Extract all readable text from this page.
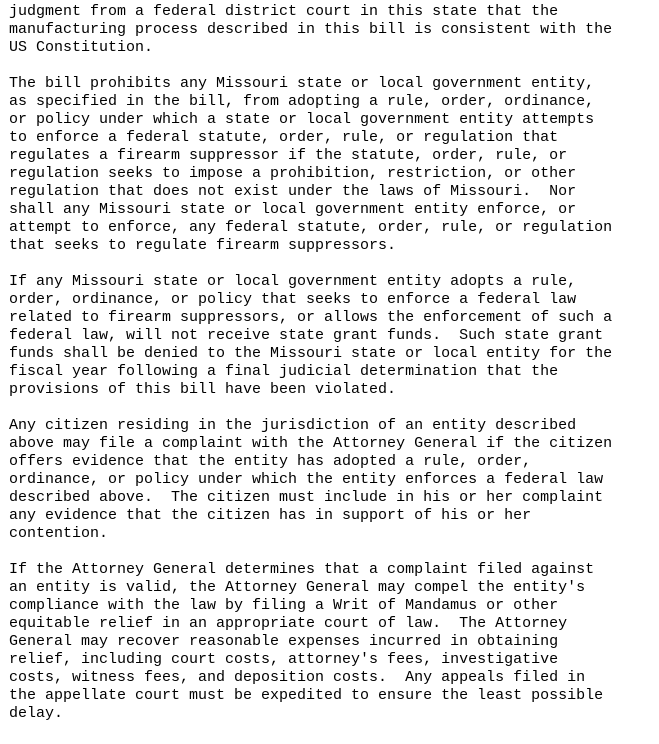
judgment from a federal district court in this state that the
manufacturing process described in this bill is consistent with the
US Constitution.
The bill prohibits any Missouri state or local government entity,
as specified in the bill, from adopting a rule, order, ordinance,
or policy under which a state or local government entity attempts
to enforce a federal statute, order, rule, or regulation that
regulates a firearm suppressor if the statute, order, rule, or
regulation seeks to impose a prohibition, restriction, or other
regulation that does not exist under the laws of Missouri.  Nor
shall any Missouri state or local government entity enforce, or
attempt to enforce, any federal statute, order, rule, or regulation
that seeks to regulate firearm suppressors.
If any Missouri state or local government entity adopts a rule,
order, ordinance, or policy that seeks to enforce a federal law
related to firearm suppressors, or allows the enforcement of such a
federal law, will not receive state grant funds.  Such state grant
funds shall be denied to the Missouri state or local entity for the
fiscal year following a final judicial determination that the
provisions of this bill have been violated.
Any citizen residing in the jurisdiction of an entity described
above may file a complaint with the Attorney General if the citizen
offers evidence that the entity has adopted a rule, order,
ordinance, or policy under which the entity enforces a federal law
described above.  The citizen must include in his or her complaint
any evidence that the citizen has in support of his or her
contention.
If the Attorney General determines that a complaint filed against
an entity is valid, the Attorney General may compel the entity's
compliance with the law by filing a Writ of Mandamus or other
equitable relief in an appropriate court of law.  The Attorney
General may recover reasonable expenses incurred in obtaining
relief, including court costs, attorney's fees, investigative
costs, witness fees, and deposition costs.  Any appeals filed in
the appellate court must be expedited to ensure the least possible
delay.
